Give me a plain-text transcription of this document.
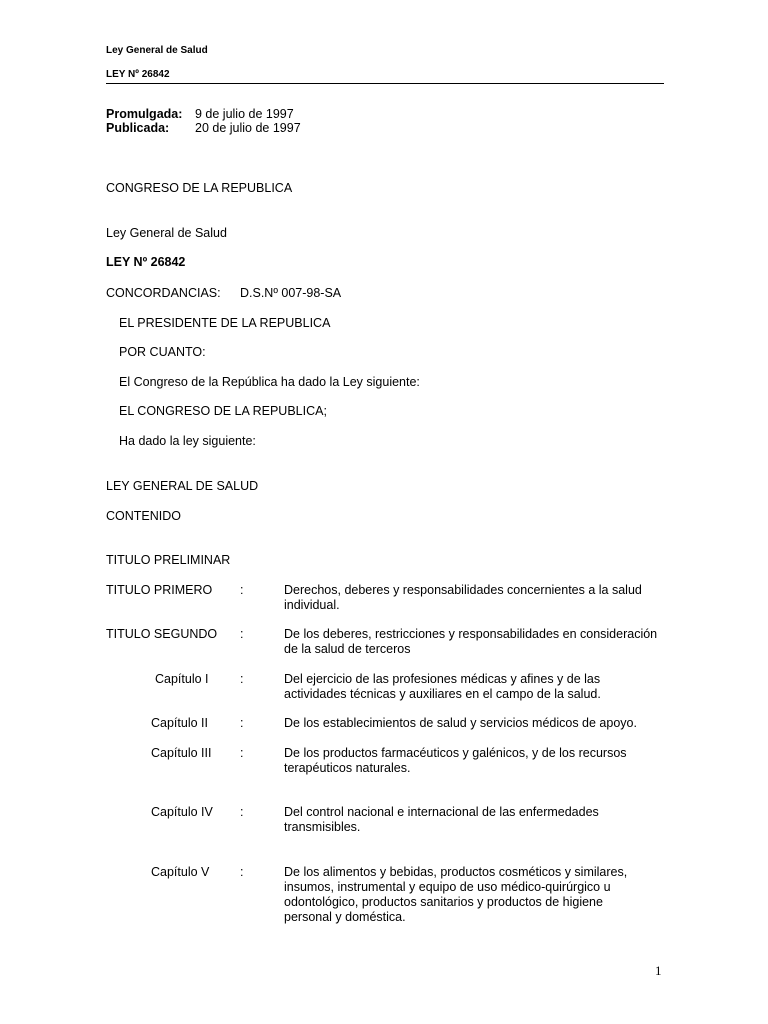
Ley General de Salud
LEY Nº 26842
Promulgada: 9 de julio de 1997
Publicada: 20 de julio de 1997
CONGRESO DE LA REPUBLICA
Ley General de Salud
LEY Nº 26842
CONCORDANCIAS: D.S.Nº 007-98-SA
EL PRESIDENTE DE LA REPUBLICA
POR CUANTO:
El Congreso de la República ha dado la Ley siguiente:
EL CONGRESO DE LA REPUBLICA;
Ha dado la ley siguiente:
LEY GENERAL DE SALUD
CONTENIDO
TITULO PRELIMINAR
TITULO PRIMERO :	Derechos, deberes y responsabilidades concernientes a la salud individual.
TITULO SEGUNDO :	De los deberes, restricciones y responsabilidades en consideración de la salud de terceros
Capítulo I	:	Del ejercicio de las profesiones médicas y afines y de las actividades técnicas y auxiliares en el campo de la salud.
Capítulo II	:	De los establecimientos de salud y servicios médicos de apoyo.
Capítulo III :	De los productos farmacéuticos y galénicos, y de los recursos terapéuticos naturales.
Capítulo IV :	Del control nacional e internacional de las enfermedades transmisibles.
Capítulo V :	De los alimentos y bebidas, productos cosméticos y similares, insumos, instrumental y equipo de uso médico-quirúrgico u odontológico, productos sanitarios y productos de higiene personal y doméstica.
1
